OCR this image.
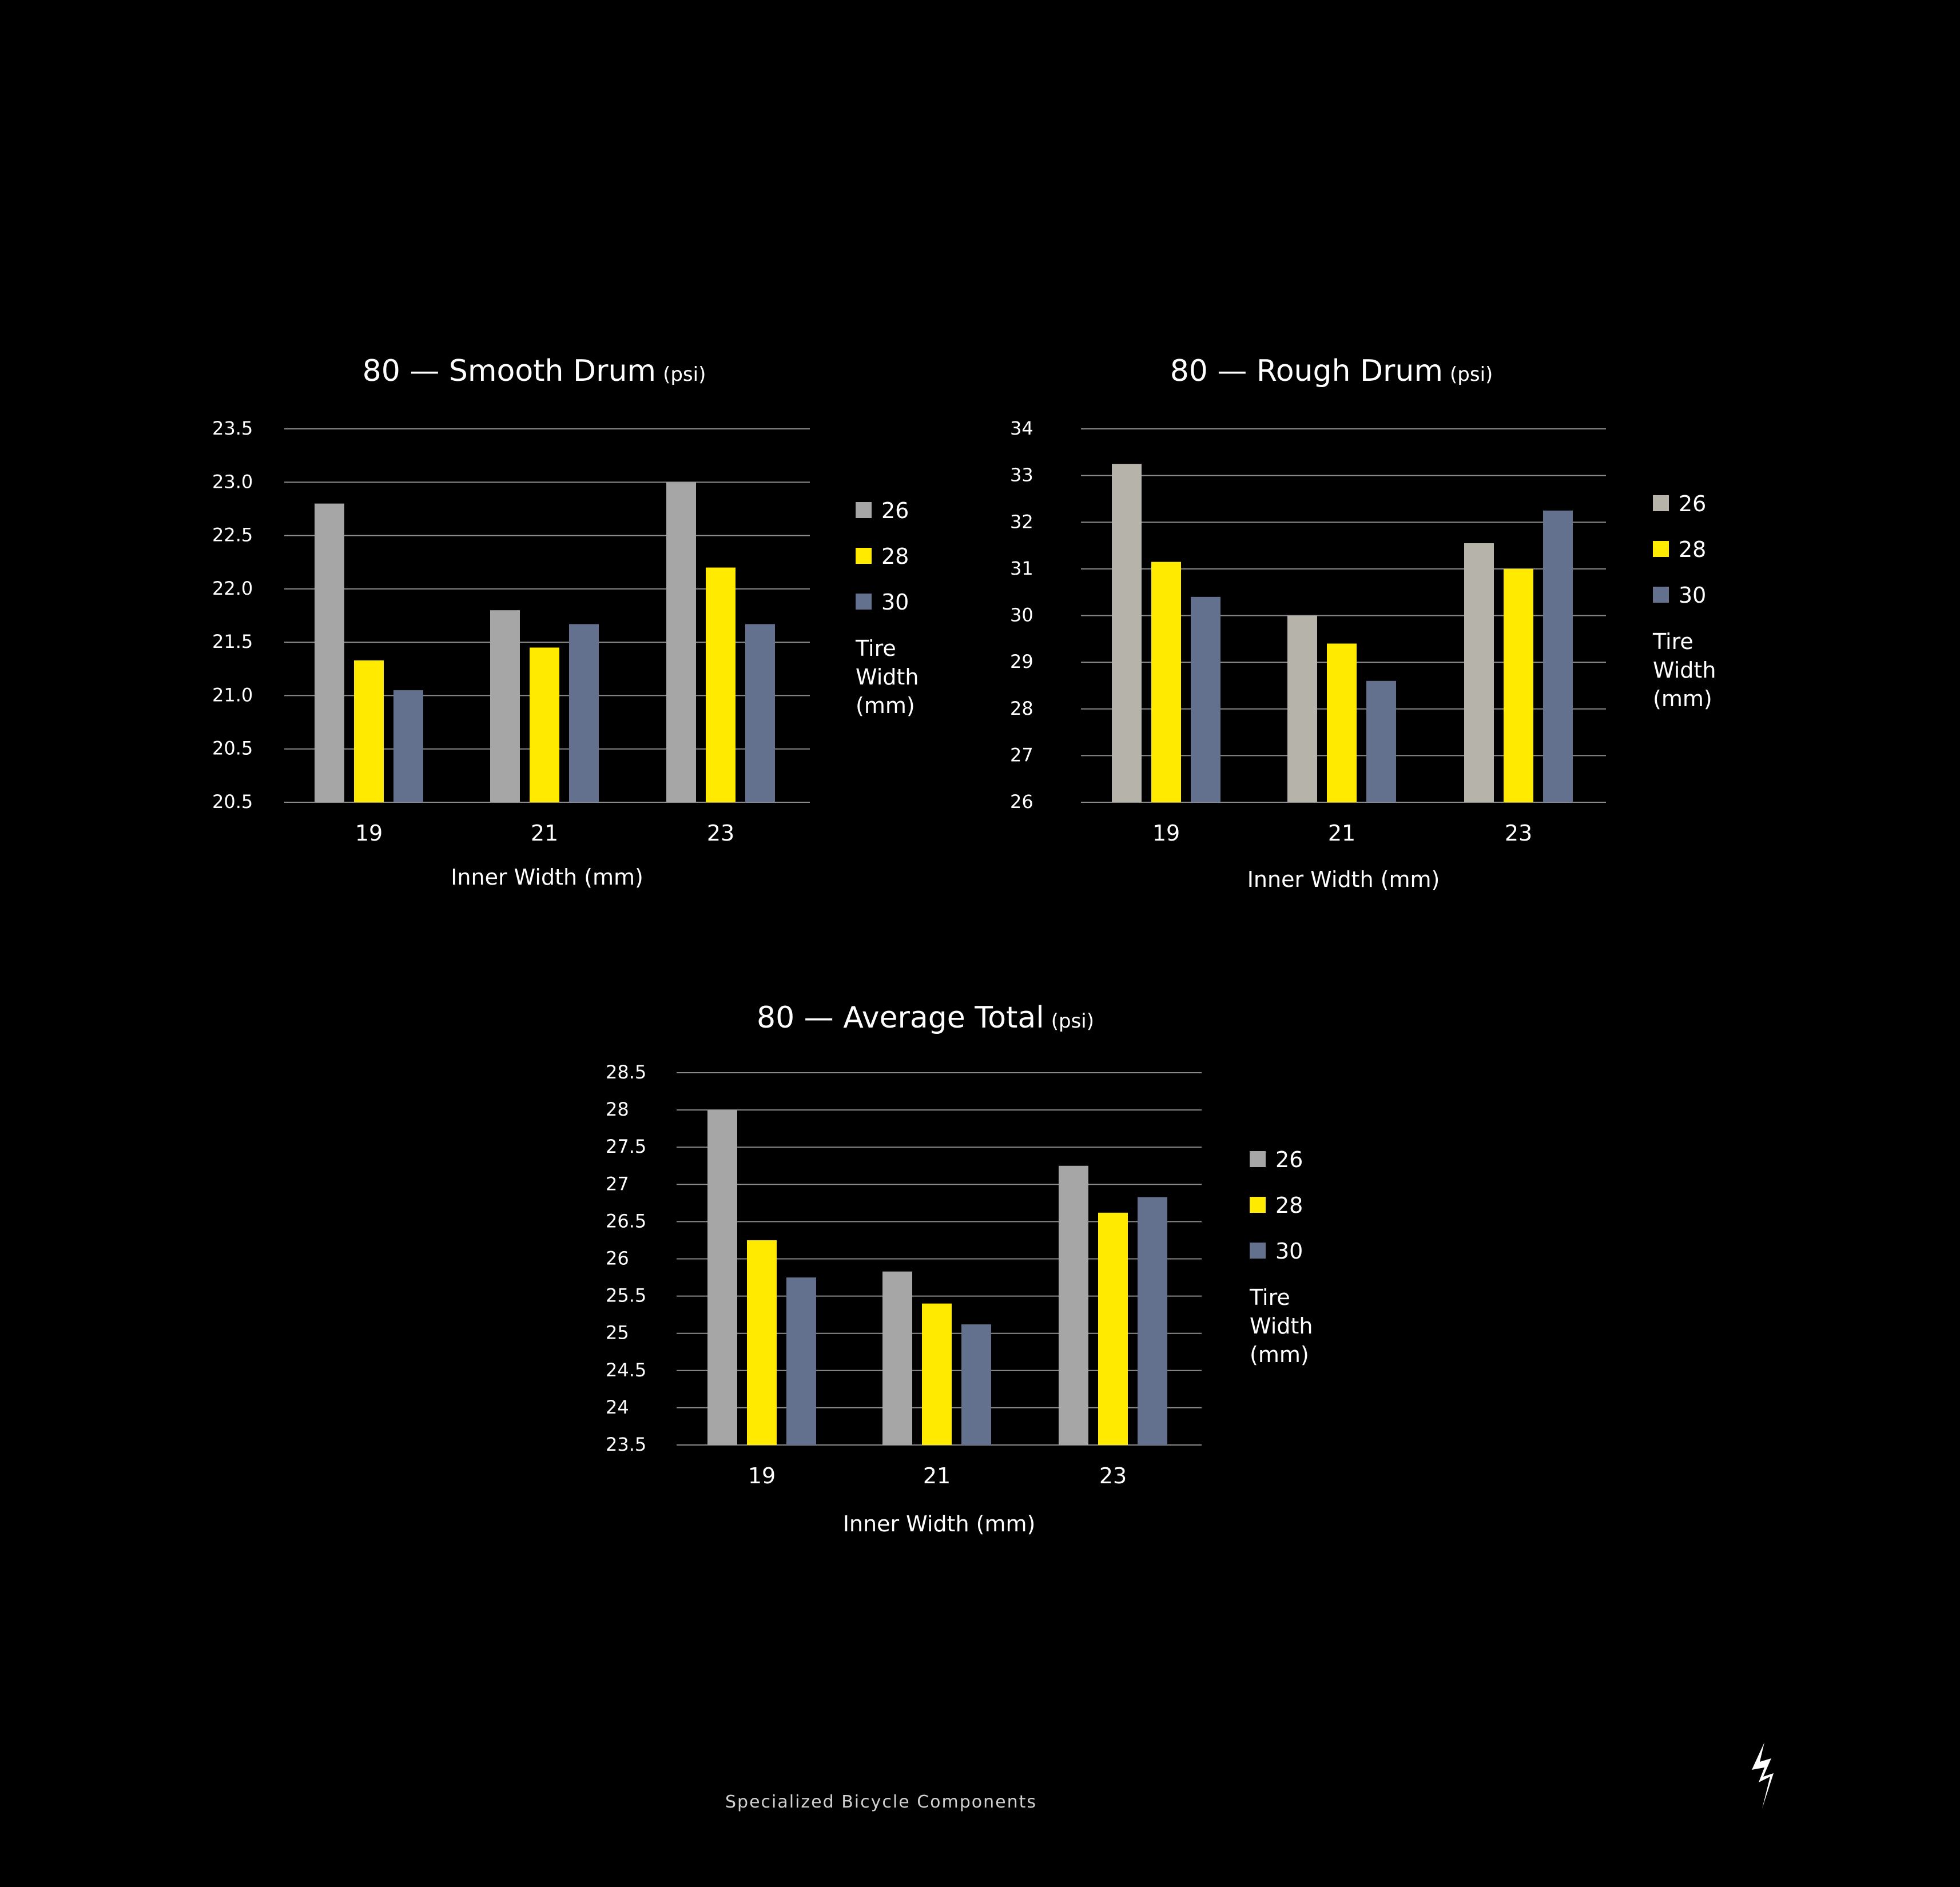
80 — Smooth Drum (psi)
20.5
20.5
21.0
21.5
22.0
22.5
23.0
23.5
19	21	23
Inner Width (mm)
26
28
30
Tire
Width
(mm)
80 — Rough Drum (psi)
26
27
28
29
30
31
32
33
34
19	21	23
Inner Width (mm)
26
28
30
Tire
Width
(mm)
80 — Average Total (psi)
23.5
24
24.5
25
25.5
26
26.5
27
27.5
28
28.5
19	21	23
Inner Width (mm)
26
28
30
Tire
Width
(mm)
Specialized Bicycle Components
